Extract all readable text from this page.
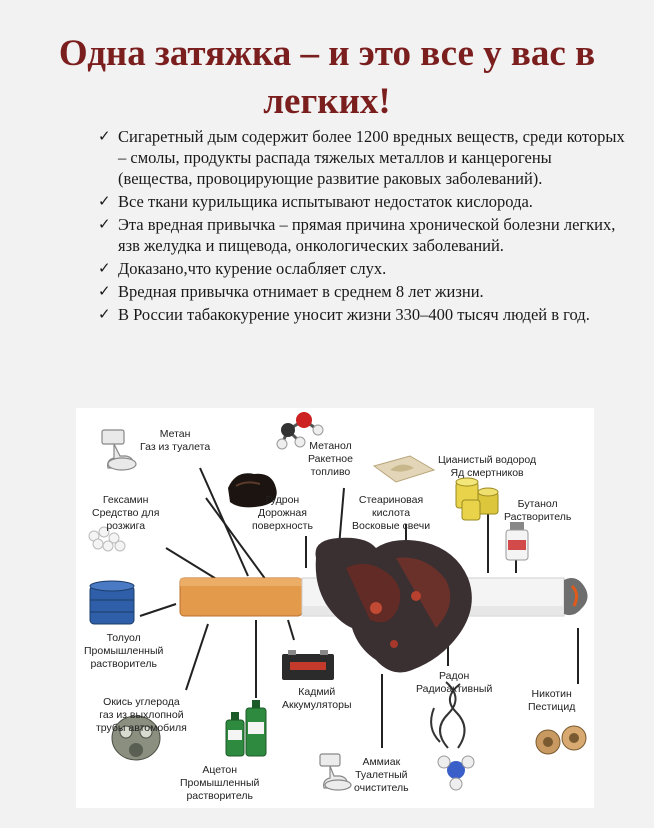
Одна затяжка – и это все у вас в легких!
✓ Сигаретный дым содержит более 1200 вредных веществ, среди которых – смолы, продукты распада тяжелых металлов и канцерогены (вещества, провоцирующие развитие раковых заболеваний).
✓ Все ткани курильщика испытывают недостаток кислорода.
✓ Эта вредная привычка – прямая причина хронической болезни легких, язв желудка и пищевода, онкологических заболеваний.
✓ Доказано,что курение ослабляет слух.
✓ Вредная привычка отнимает в среднем 8 лет жизни.
✓ В России табакокурение уносит жизни 330–400 тысяч людей в год.
Метан
Газ из туалета	Метанол
Ракетное
топливо
Цианистый водород
Яд смертников
Гексамин
Средство для
розжига
Гудрон
Дорожная
поверхность
Стеариновая
кислота
Восковые свечи
Бутанол
Растворитель
Толуол
Промышленный
растворитель
Кадмий
Аккумуляторы
Радон
Радиоактивный	Никотин
Пестицид
Окись углерода
газ из выхлопной
трубы автомобиля
Ацетон
Промышленный
растворитель
Аммиак
Туалетный
очиститель
